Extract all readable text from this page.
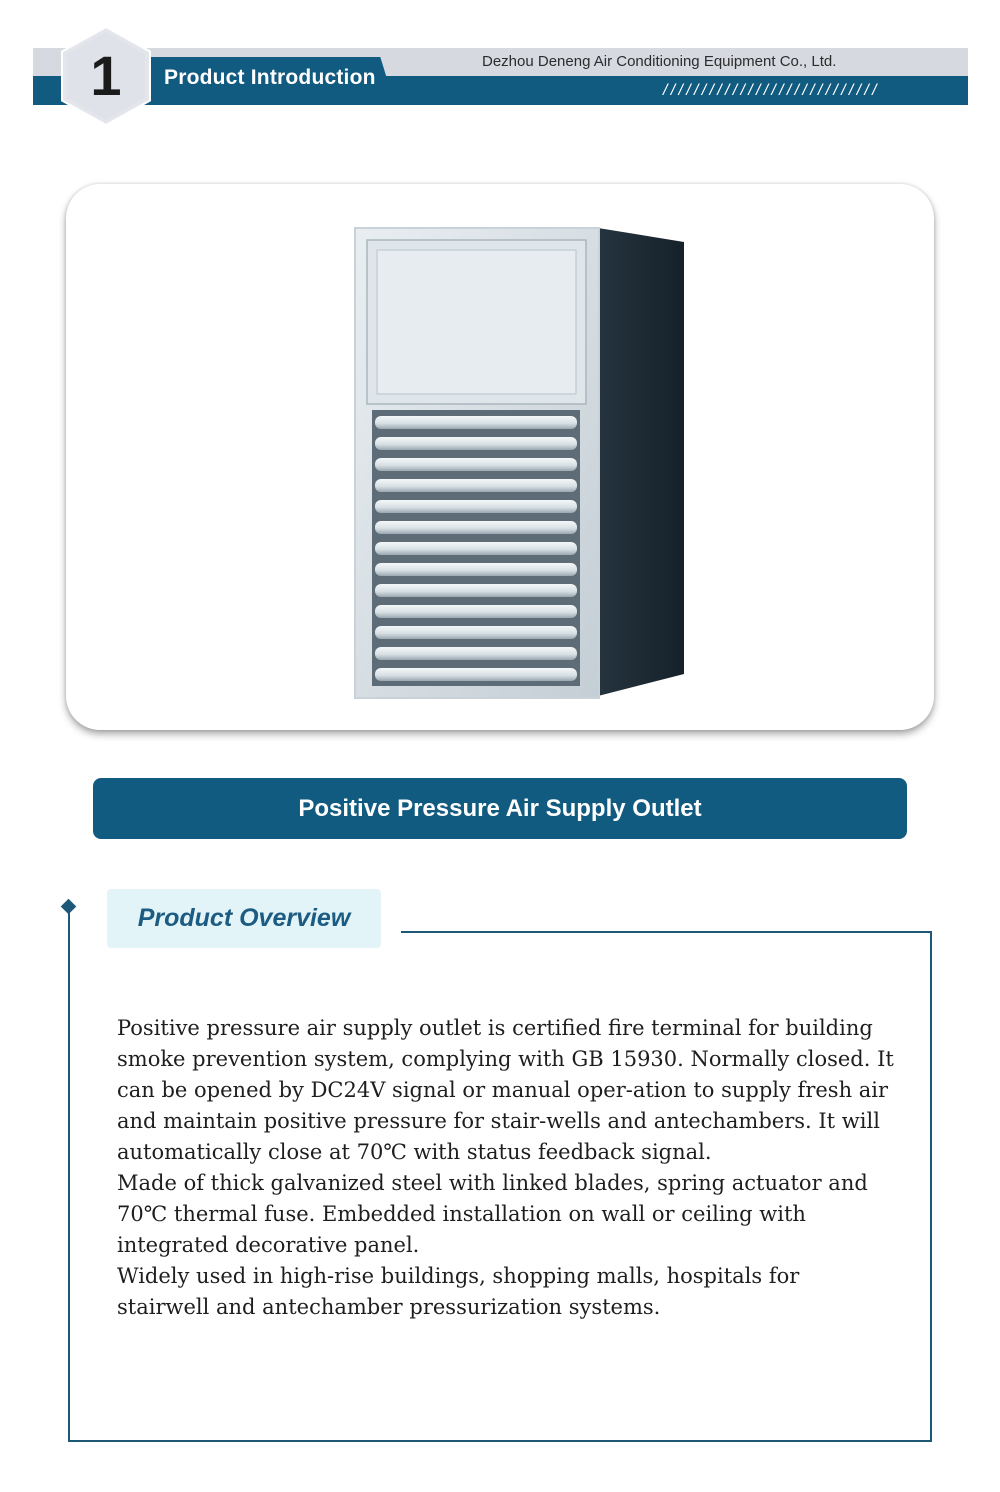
Product Introduction
Dezhou Deneng Air Conditioning Equipment Co., Ltd.
////////////////////////////
1
Positive Pressure Air Supply Outlet
Product Overview

Positive pressure air supply outlet is certified fire terminal for building smoke prevention system, complying with GB 15930. Normally closed. It can be opened by DC24V signal or manual oper-ation to supply fresh air and maintain positive pressure for stair-wells and antechambers. It will automatically close at 70℃ with status feedback signal.

Made of thick galvanized steel with linked blades, spring actuator and 70℃ thermal fuse. Embedded installation on wall or ceiling with integrated decorative panel.

Widely used in high-rise buildings, shopping malls, hospitals for stairwell and antechamber pressurization systems.
